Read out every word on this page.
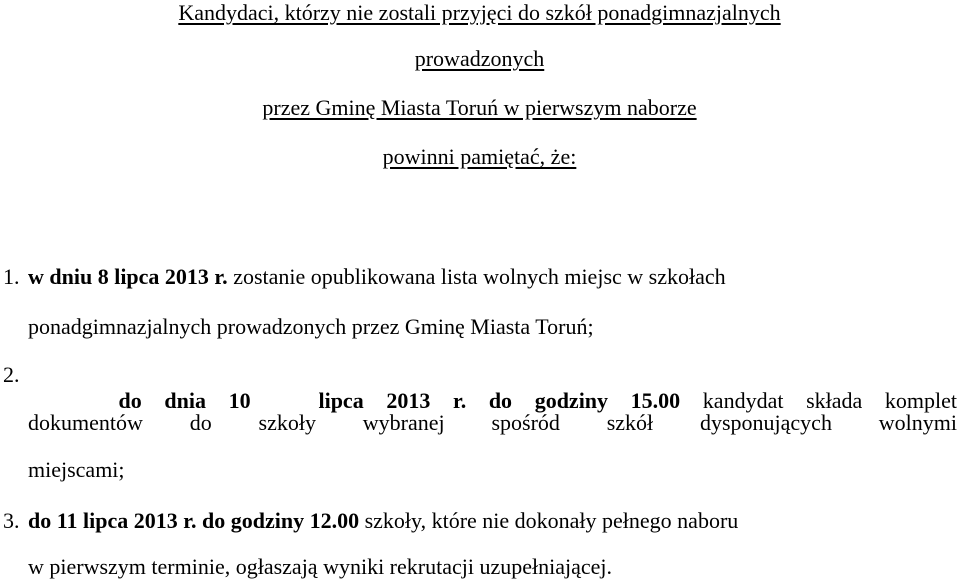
Kandydaci, którzy nie zostali przyjęci do szkół ponadgimnazjalnych
prowadzonych
przez Gminę Miasta Toruń w pierwszym naborze
powinni pamiętać, że:
1. w dniu 8 lipca 2013 r. zostanie opublikowana lista wolnych miejsc w szkołach
ponadgimnazjalnych prowadzonych przez Gminę Miasta Toruń;
2.

do dnia 10   lipca 2013 r. do godziny 15.00 kandydat składa komplet

dokumentów do szkoły wybranej spośród szkół dysponujących wolnymi
miejscami;
3. do 11 lipca 2013 r. do godziny 12.00 szkoły, które nie dokonały pełnego naboru
w pierwszym terminie, ogłaszają wyniki rekrutacji uzupełniającej.
